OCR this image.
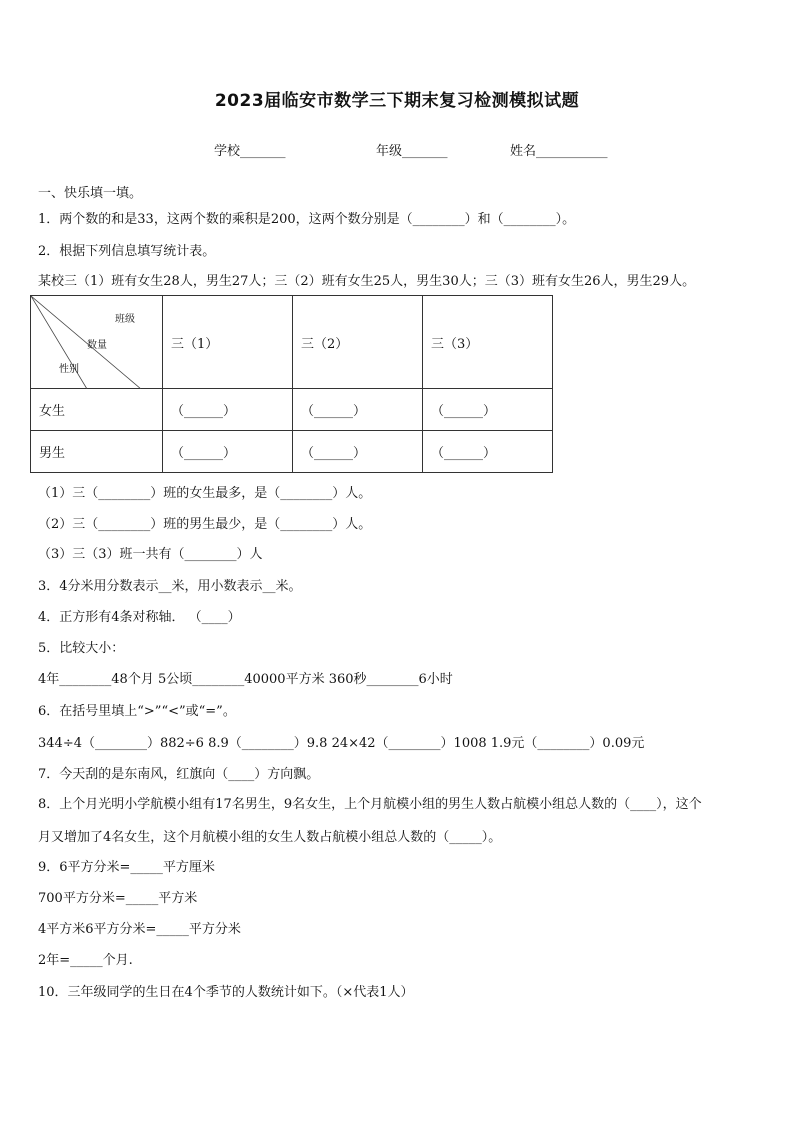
2023届临安市数学三下期末复习检测模拟试题
学校_______	年级_______	姓名___________
一、快乐填一填。
1．两个数的和是33，这两个数的乘积是200，这两个数分别是（________）和（________）。
2．根据下列信息填写统计表。
某校三（1）班有女生28人，男生27人；三（2）班有女生25人，男生30人；三（3）班有女生26人，男生29人。
班级
数量
性别	三（1）	三（2）	三（3）
女生	（______）	（______）	（______）
男生	（______）	（______）	（______）
（1）三（________）班的女生最多，是（________）人。
（2）三（________）班的男生最少，是（________）人。
（3）三（3）班一共有（________）人
3．4分米用分数表示__米，用小数表示__米。
4．正方形有4条对称轴． （____）
5．比较大小：
4年________48个月 5公顷________40000平方米 360秒________6小时
6．在括号里填上“>”“<”或“=”。
344÷4（________）882÷6 8.9（________）9.8 24×42（________）1008 1.9元（________）0.09元
7．今天刮的是东南风，红旗向（____）方向飘。
8．上个月光明小学航模小组有17名男生，9名女生，上个月航模小组的男生人数占航模小组总人数的（____），这个
月又增加了4名女生，这个月航模小组的女生人数占航模小组总人数的（_____）。
9．6平方分米=_____平方厘米
700平方分米=_____平方米
4平方米6平方分米=_____平方分米
2年=_____个月.
10．三年级同学的生日在4个季节的人数统计如下。（×代表1人）
